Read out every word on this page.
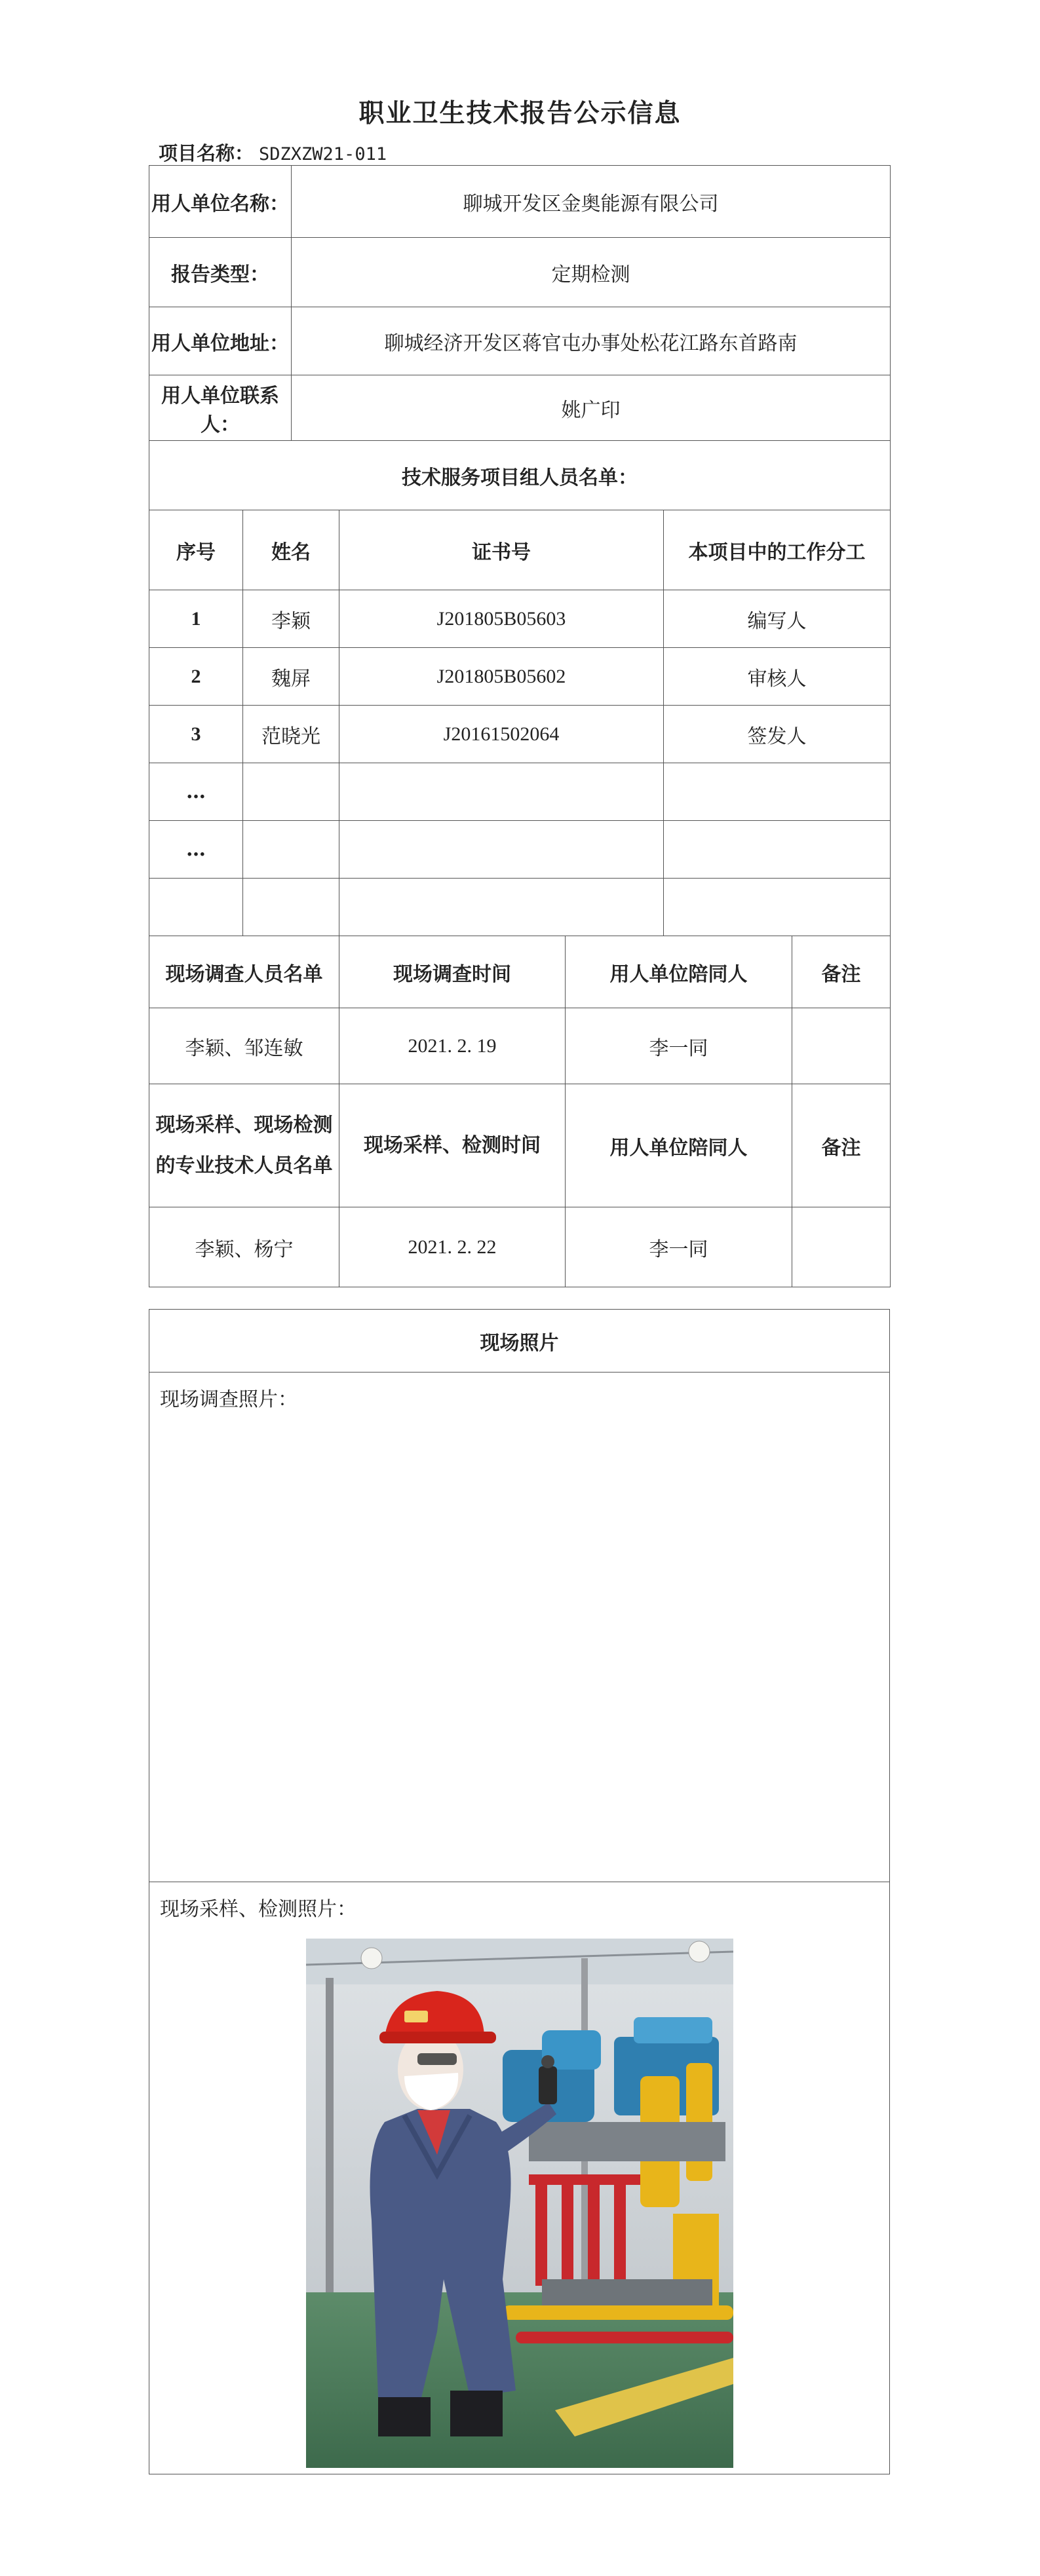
职业卫生技术报告公示信息
项目名称： SDZXZW21-011
用人单位名称：		聊城开发区金奥能源有限公司				
报告类型：		定期检测				
用人单位地址：		聊城经济开发区蒋官屯办事处松花江路东首路南				
用人单位联系人：		姚广印				
技术服务项目组人员名单：						
序号	姓名		证书号		本项目中的工作分工	
1	李颖		J201805B05603		编写人	
2	魏屏		J201805B05602		审核人	
3	范晓光		J20161502064		签发人	
…						
…						

现场调查人员名单			现场调查时间	用人单位陪同人		备注
李颖、邹连敏			2021. 2. 19	李一同		
现场采样、现场检测的专业技术人员名单			现场采样、检测时间	用人单位陪同人		备注
李颖、杨宁			2021. 2. 22	李一同		
现场照片

现场调查照片：

现场采样、检测照片：
